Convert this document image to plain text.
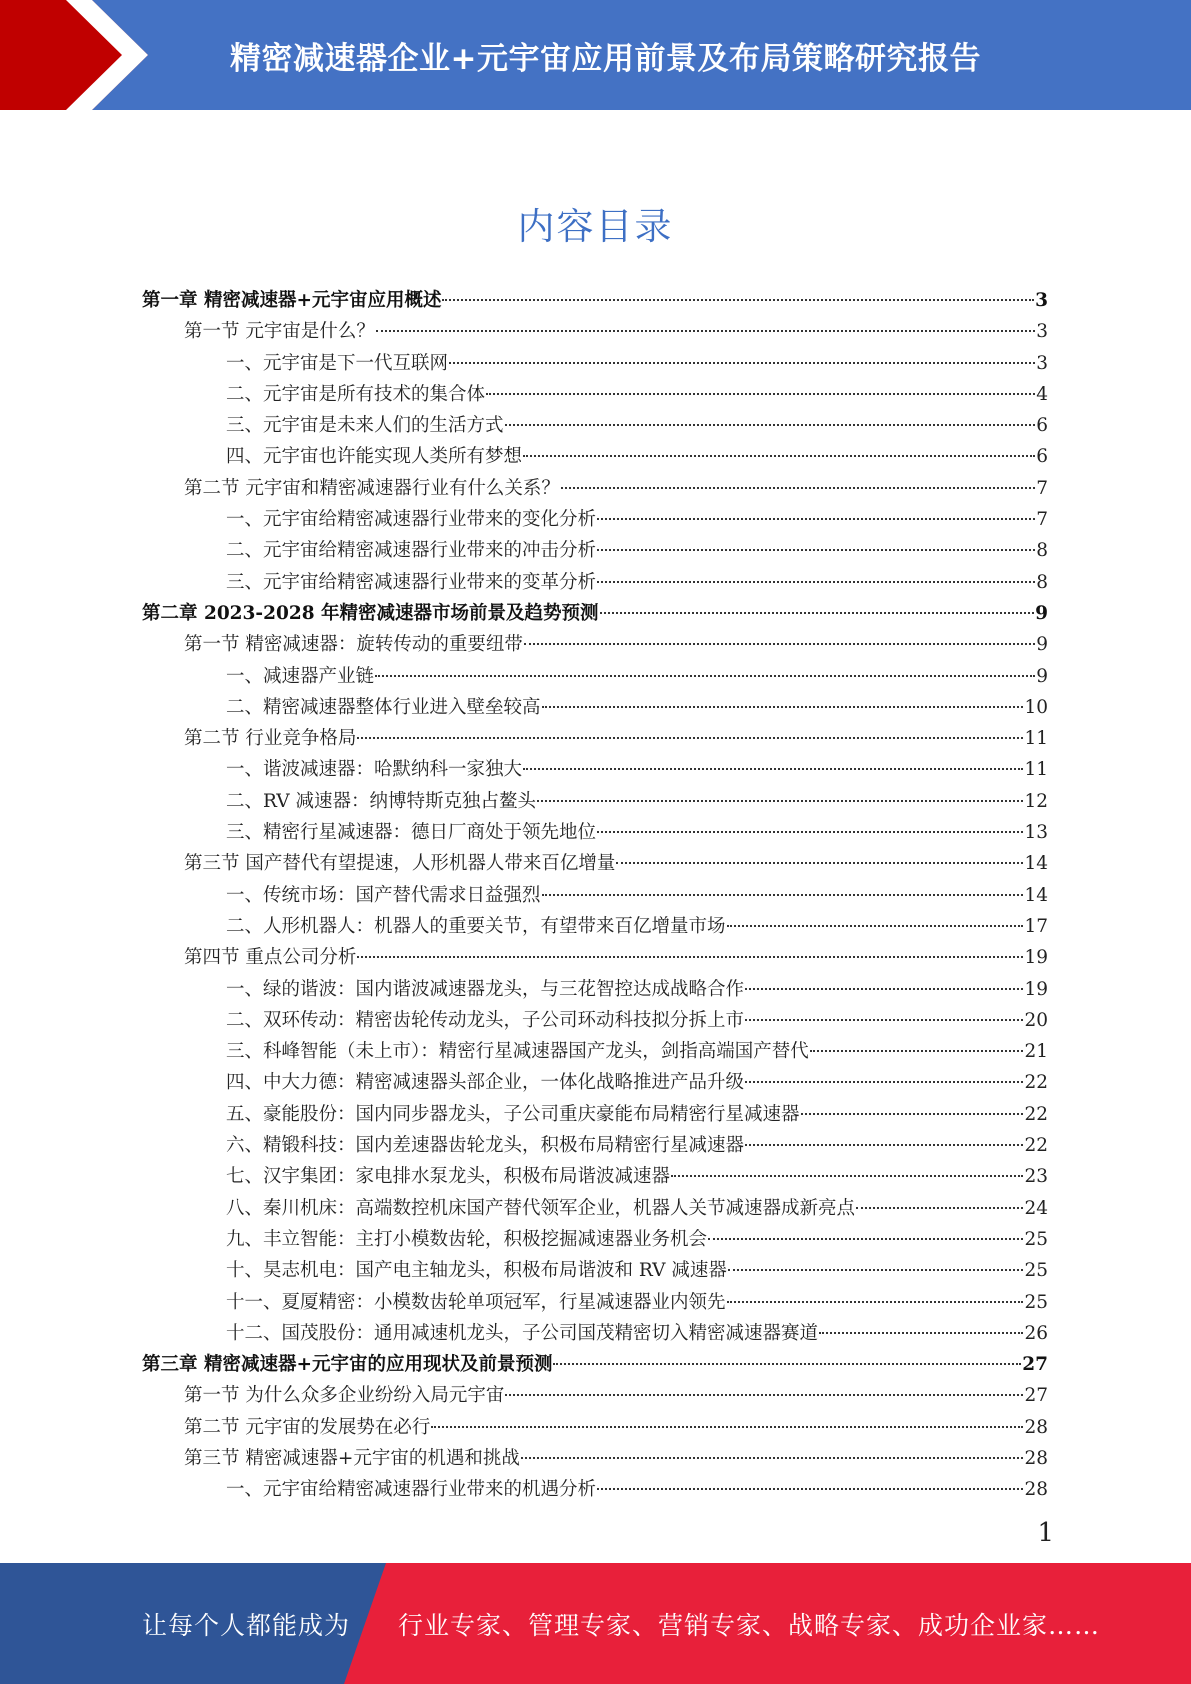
精密减速器企业+元宇宙应用前景及布局策略研究报告
内容目录
第一章 精密减速器+元宇宙应用概述	3
第一节 元宇宙是什么？	3
一、元宇宙是下一代互联网	3
二、元宇宙是所有技术的集合体	4
三、元宇宙是未来人们的生活方式	6
四、元宇宙也许能实现人类所有梦想	6
第二节 元宇宙和精密减速器行业有什么关系？	7
一、元宇宙给精密减速器行业带来的变化分析	7
二、元宇宙给精密减速器行业带来的冲击分析	8
三、元宇宙给精密减速器行业带来的变革分析	8
第二章 2023-2028 年精密减速器市场前景及趋势预测	9
第一节 精密减速器：旋转传动的重要纽带	9
一、减速器产业链	9
二、精密减速器整体行业进入壁垒较高	10
第二节 行业竞争格局	11
一、谐波减速器：哈默纳科一家独大	11
二、RV 减速器：纳博特斯克独占鳌头	12
三、精密行星减速器：德日厂商处于领先地位	13
第三节 国产替代有望提速，人形机器人带来百亿增量	14
一、传统市场：国产替代需求日益强烈	14
二、人形机器人：机器人的重要关节，有望带来百亿增量市场	17
第四节 重点公司分析	19
一、绿的谐波：国内谐波减速器龙头，与三花智控达成战略合作	19
二、双环传动：精密齿轮传动龙头，子公司环动科技拟分拆上市	20
三、科峰智能（未上市）：精密行星减速器国产龙头，剑指高端国产替代	21
四、中大力德：精密减速器头部企业，一体化战略推进产品升级	22
五、豪能股份：国内同步器龙头，子公司重庆豪能布局精密行星减速器	22
六、精锻科技：国内差速器齿轮龙头，积极布局精密行星减速器	22
七、汉宇集团：家电排水泵龙头，积极布局谐波减速器	23
八、秦川机床：高端数控机床国产替代领军企业，机器人关节减速器成新亮点	24
九、丰立智能：主打小模数齿轮，积极挖掘减速器业务机会	25
十、昊志机电：国产电主轴龙头，积极布局谐波和 RV 减速器	25
十一、夏厦精密：小模数齿轮单项冠军，行星减速器业内领先	25
十二、国茂股份：通用减速机龙头，子公司国茂精密切入精密减速器赛道	26
第三章 精密减速器+元宇宙的应用现状及前景预测	27
第一节 为什么众多企业纷纷入局元宇宙	27
第二节 元宇宙的发展势在必行	28
第三节 精密减速器+元宇宙的机遇和挑战	28
一、元宇宙给精密减速器行业带来的机遇分析	28
1
让每个人都能成为 行业专家、管理专家、营销专家、战略专家、成功企业家……
